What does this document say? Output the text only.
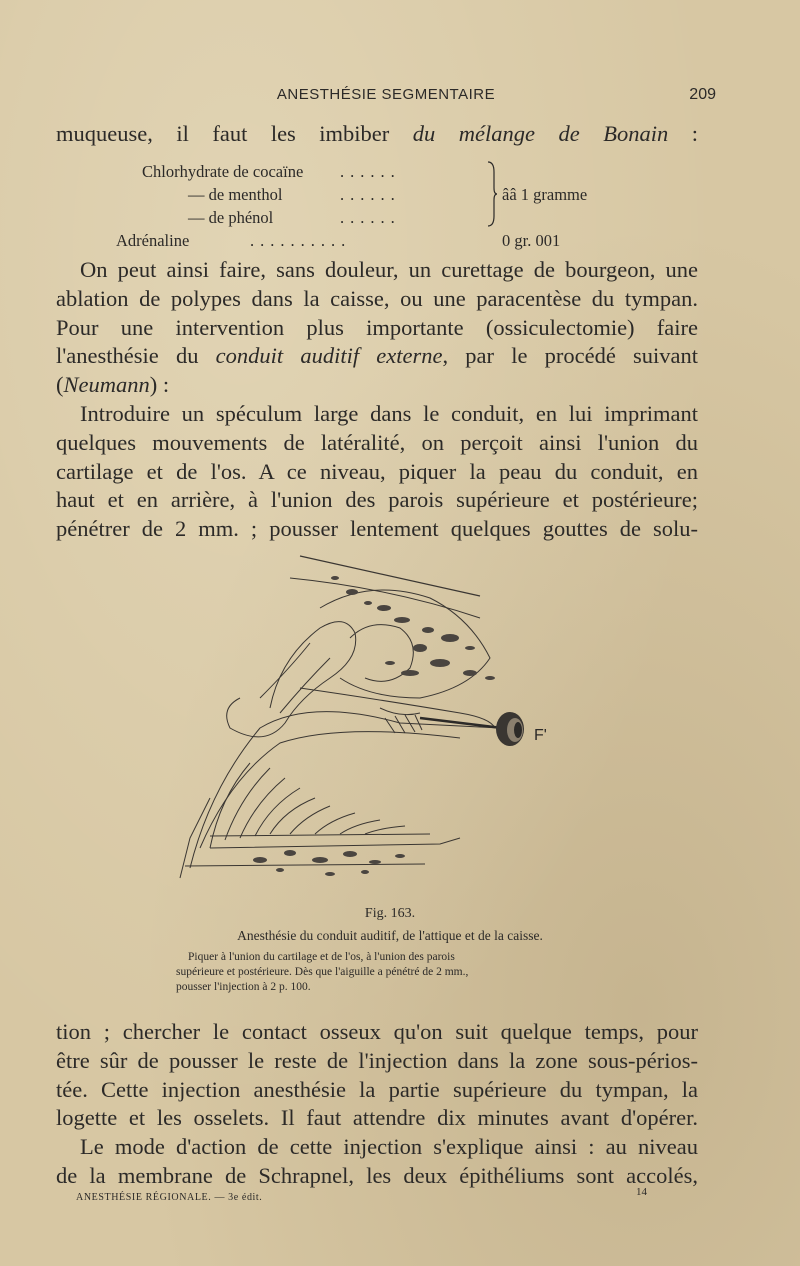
ANESTHÉSIE SEGMENTAIRE	209
muqueuse, il faut les imbiber du mélange de Bonain :
Chlorhydrate de cocaïne ......
— de menthol	......	ââ 1 gramme
— de phénol	......
Adrénaline	..........	0 gr. 001
On peut ainsi faire, sans douleur, un curettage de bourgeon, une
ablation de polypes dans la caisse, ou une paracentèse du tympan.
Pour une intervention plus importante (ossiculectomie) faire
l'anesthésie du conduit auditif externe, par le procédé suivant
(Neumann) :
Introduire un spéculum large dans le conduit, en lui imprimant
quelques mouvements de latéralité, on perçoit ainsi l'union du
cartilage et de l'os. A ce niveau, piquer la peau du conduit, en
haut et en arrière, à l'union des parois supérieure et postérieure;
pénétrer de 2 mm. ; pousser lentement quelques gouttes de solu-
F'
Fig. 163.
Anesthésie du conduit auditif, de l'attique et de la caisse.
Piquer à l'union du cartilage et de l'os, à l'union des parois
supérieure et postérieure. Dès que l'aiguille a pénétré de 2 mm.,
pousser l'injection à 2 p. 100.
tion ; chercher le contact osseux qu'on suit quelque temps, pour
être sûr de pousser le reste de l'injection dans la zone sous-périos-
tée. Cette injection anesthésie la partie supérieure du tympan, la
logette et les osselets. Il faut attendre dix minutes avant d'opérer.
Le mode d'action de cette injection s'explique ainsi : au niveau
de la membrane de Schrapnel, les deux épithéliums sont accolés,
ANESTHÉSIE RÉGIONALE. — 3e édit.	14
